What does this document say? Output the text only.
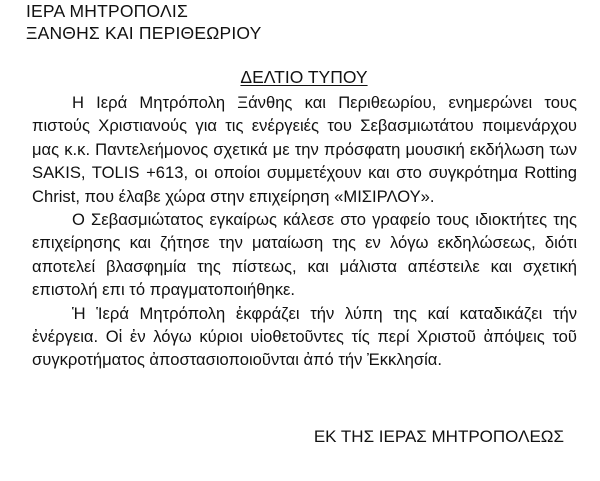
ΙΕΡΑ ΜΗΤΡΟΠΟΛΙΣ
ΞΑΝΘΗΣ ΚΑΙ ΠΕΡΙΘΕΩΡΙΟΥ
ΔΕΛΤΙΟ ΤΥΠΟΥ

Η Ιερά Μητρόπολη Ξάνθης και Περιθεωρίου, ενημερώνει τους πιστούς Χριστιανούς για τις ενέργειές του Σεβασμιωτάτου ποιμενάρχου μας κ.κ. Παντελεήμονος σχετικά με την πρόσφατη μουσική εκδήλωση των SAKIS, TOLIS +613, οι οποίοι συμμετέχουν και στο συγκρότημα Rotting Christ, που έλαβε χώρα στην επιχείρηση «ΜΙΣΙΡΛΟΥ».

Ο Σεβασμιώτατος εγκαίρως κάλεσε στο γραφείο τους ιδιοκτήτες της επιχείρησης και ζήτησε την ματαίωση της εν λόγω εκδηλώσεως, διότι αποτελεί βλασφημία της πίστεως, και μάλιστα απέστειλε και σχετική επιστολή επι τό πραγματοποιήθηκε.

Ἡ Ἱερά Μητρόπολη ἐκφράζει τήν λύπη της καί καταδικάζει τήν ἐνέργεια. Οἱ ἐν λόγω κύριοι υἱοθετοῦντες τίς περί Χριστοῦ ἀπόψεις τοῦ συγκροτήματος ἀποστασιοποιοῦνται ἀπό τήν Ἐκκλησία.

ΕΚ ΤΗΣ ΙΕΡΑΣ ΜΗΤΡΟΠΟΛΕΩΣ
